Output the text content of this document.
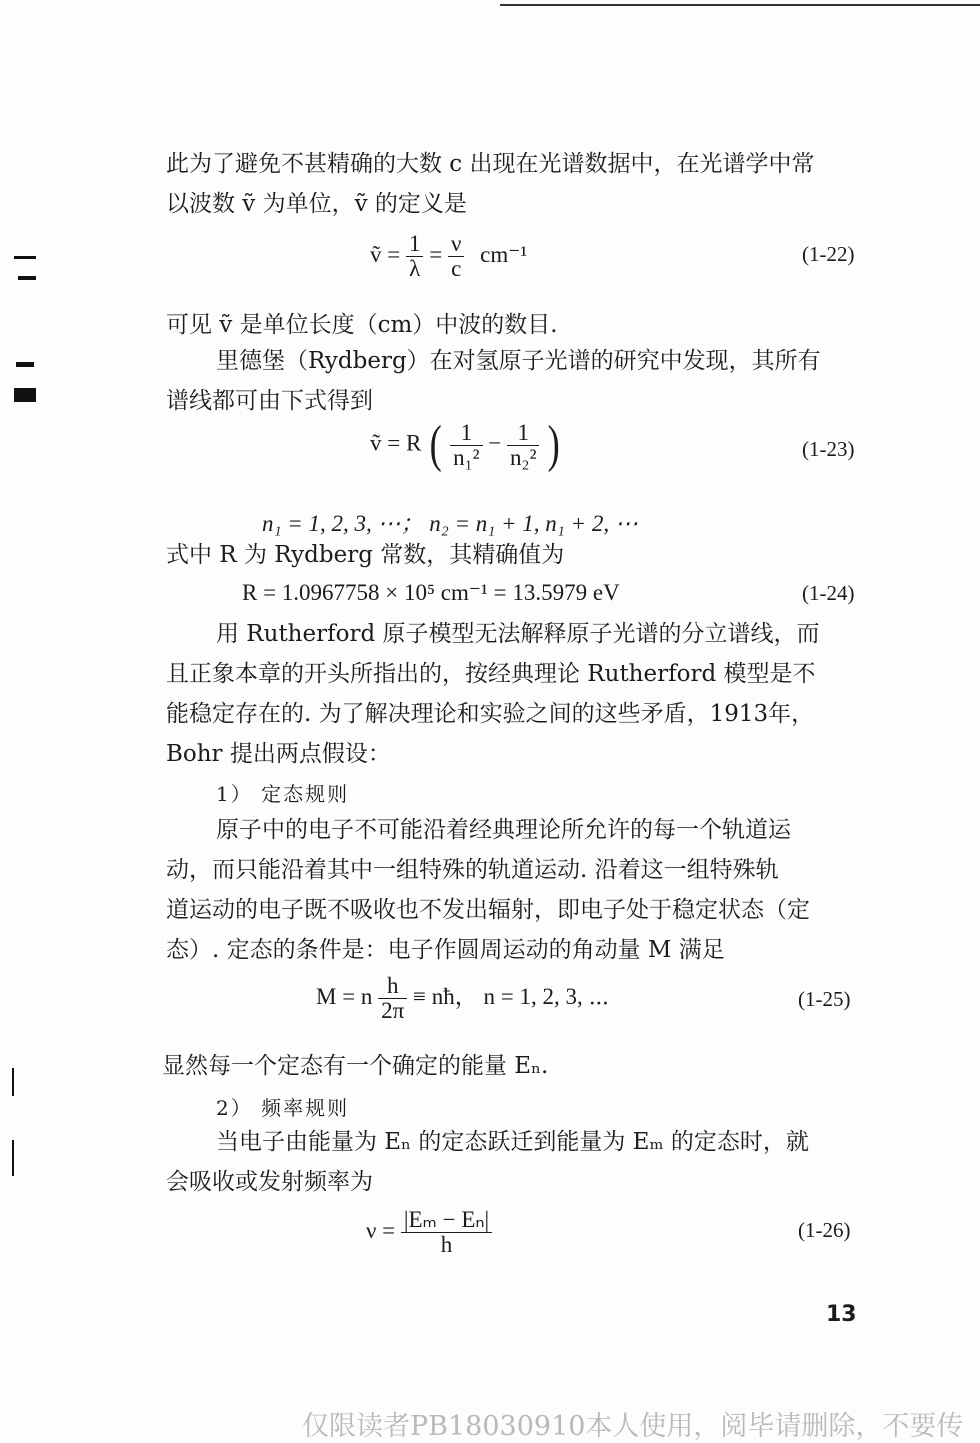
此为了避免不甚精确的大数 c 出现在光谱数据中，在光谱学中常
以波数 ṽ 为单位，ṽ 的定义是
ṽ = $\frac{1}{\lambda} = \frac{\nu}{c} cm^{-1}$	(1-22)
可见 ṽ 是单位长度（cm）中波的数目.
里德堡（Rydberg）在对氢原子光谱的研究中发现，其所有
谱线都可由下式得到
ṽ = R ( $\frac{1}{\text{n₁²}} - \frac{1}{\text{n₂²}}$ )	(1-23)
n₁ = 1, 2, 3, ⋯； n₂ = n₁ + 1, n₁ + 2, ⋯
式中 R 为 Rydberg 常数，其精确值为
R = 1.0967758 × 10⁵ cm⁻¹ = 13.5979 eV	(1-24)
用 Rutherford 原子模型无法解释原子光谱的分立谱线，而
且正象本章的开头所指出的，按经典理论 Rutherford 模型是不
能稳定存在的. 为了解决理论和实验之间的这些矛盾，1913年，
Bohr 提出两点假设：
1） 定态规则
原子中的电子不可能沿着经典理论所允许的每一个轨道运
动，而只能沿着其中一组特殊的轨道运动. 沿着这一组特殊轨
道运动的电子既不吸收也不发出辐射，即电子处于稳定状态（定
态）. 定态的条件是：电子作圆周运动的角动量 M 满足
M = n $\frac{h}{2\pi}$ ≡ nħ， n = 1, 2, 3, ⋯	(1-25)
显然每一个定态有一个确定的能量 Eₙ.
2） 频率规则
当电子由能量为 Eₙ 的定态跃迁到能量为 Eₘ 的定态时，就
会吸收或发射频率为
$\nu = \frac{\text{|Eₘ − Eₙ|}}{h}$	(1-26)
13
仅限读者PB18030910本人使用，阅毕请删除，不要传
